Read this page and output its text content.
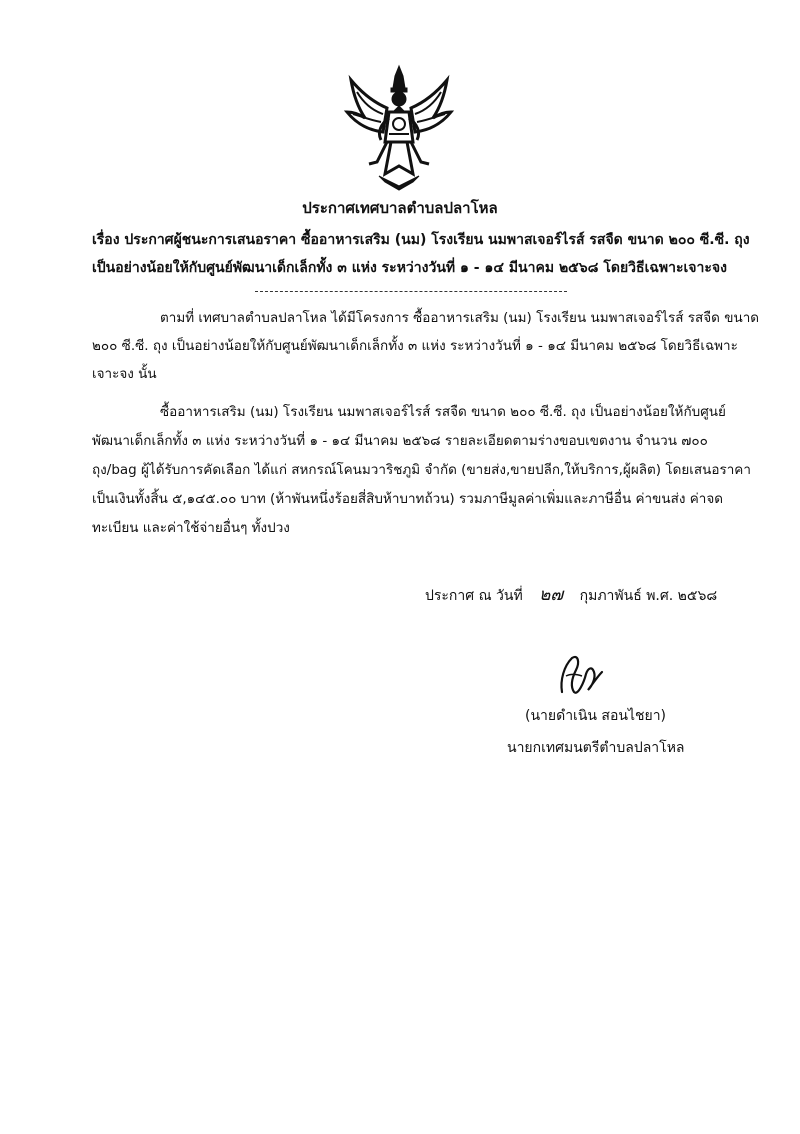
ประกาศเทศบาลตำบลปลาโหล
เรื่อง ประกาศผู้ชนะการเสนอราคา ซื้ออาหารเสริม (นม) โรงเรียน นมพาสเจอร์ไรส์ รสจืด ขนาด ๒๐๐ ซี.ซี. ถุง
เป็นอย่างน้อยให้กับศูนย์พัฒนาเด็กเล็กทั้ง ๓ แห่ง ระหว่างวันที่ ๑ - ๑๔ มีนาคม ๒๕๖๘ โดยวิธีเฉพาะเจาะจง
ตามที่ เทศบาลตำบลปลาโหล ได้มีโครงการ ซื้ออาหารเสริม (นม) โรงเรียน นมพาสเจอร์ไรส์ รสจืด ขนาด
๒๐๐ ซี.ซี. ถุง เป็นอย่างน้อยให้กับศูนย์พัฒนาเด็กเล็กทั้ง ๓ แห่ง ระหว่างวันที่ ๑ - ๑๔ มีนาคม ๒๕๖๘ โดยวิธีเฉพาะ
เจาะจง นั้น
ซื้ออาหารเสริม (นม) โรงเรียน นมพาสเจอร์ไรส์ รสจืด ขนาด ๒๐๐ ซี.ซี. ถุง เป็นอย่างน้อยให้กับศูนย์
พัฒนาเด็กเล็กทั้ง ๓ แห่ง ระหว่างวันที่ ๑ - ๑๔ มีนาคม ๒๕๖๘ รายละเอียดตามร่างขอบเขตงาน จำนวน ๗๐๐
ถุง/bag ผู้ได้รับการคัดเลือก ได้แก่ สหกรณ์โคนมวาริชภูมิ จำกัด (ขายส่ง,ขายปลีก,ให้บริการ,ผู้ผลิต) โดยเสนอราคา
เป็นเงินทั้งสิ้น ๕,๑๔๕.๐๐ บาท (ห้าพันหนึ่งร้อยสี่สิบห้าบาทถ้วน) รวมภาษีมูลค่าเพิ่มและภาษีอื่น ค่าขนส่ง ค่าจด
ทะเบียน และค่าใช้จ่ายอื่นๆ ทั้งปวง
ประกาศ ณ วันที่ ๒๗ กุมภาพันธ์ พ.ศ. ๒๕๖๘
(นายดำเนิน สอนไชยา)
นายกเทศมนตรีตำบลปลาโหล
